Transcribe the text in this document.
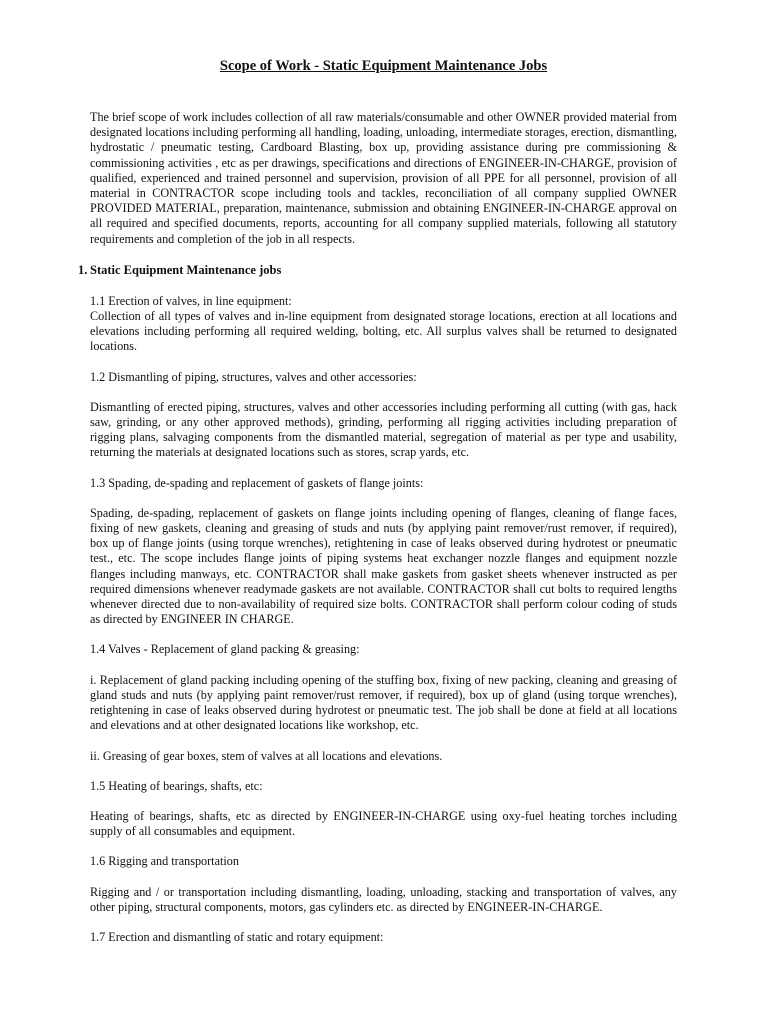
Scope of Work - Static Equipment Maintenance Jobs

The brief scope of work includes collection of all raw materials/consumable and other OWNER provided material from designated locations including performing all handling, loading, unloading, intermediate storages, erection, dismantling, hydrostatic / pneumatic testing, Cardboard Blasting, box up, providing assistance during pre commissioning & commissioning activities , etc as per drawings, specifications and directions of ENGINEER-IN-CHARGE, provision of qualified, experienced and trained personnel and supervision, provision of all PPE for all personnel, provision of all material in CONTRACTOR scope including tools and tackles, reconciliation of all company supplied OWNER PROVIDED MATERIAL, preparation, maintenance, submission and obtaining ENGINEER-IN-CHARGE approval on all required and specified documents, reports, accounting for all company supplied materials, following all statutory requirements and completion of the job in all respects.

1. Static Equipment Maintenance jobs

1.1 Erection of valves, in line equipment:

Collection of all types of valves and in-line equipment from designated storage locations, erection at all locations and elevations including performing all required welding, bolting, etc. All surplus valves shall be returned to designated locations.

1.2 Dismantling of piping, structures, valves and other accessories:

Dismantling of erected piping, structures, valves and other accessories including performing all cutting (with gas, hack saw, grinding, or any other approved methods), grinding, performing all rigging activities including preparation of rigging plans, salvaging components from the dismantled material, segregation of material as per type and usability, returning the materials at designated locations such as stores, scrap yards, etc.

1.3 Spading, de-spading and replacement of gaskets of flange joints:

Spading, de-spading, replacement of gaskets on flange joints including opening of flanges, cleaning of flange faces, fixing of new gaskets, cleaning and greasing of studs and nuts (by applying paint remover/rust remover, if required), box up of flange joints (using torque wrenches), retightening in case of leaks observed during hydrotest or pneumatic test., etc. The scope includes flange joints of piping systems heat exchanger nozzle flanges and equipment nozzle flanges including manways, etc. CONTRACTOR shall make gaskets from gasket sheets whenever instructed as per required dimensions whenever readymade gaskets are not available. CONTRACTOR shall cut bolts to required lengths whenever directed due to non-availability of required size bolts. CONTRACTOR shall perform colour coding of studs as directed by ENGINEER IN CHARGE.

1.4 Valves - Replacement of gland packing & greasing:

i. Replacement of gland packing including opening of the stuffing box, fixing of new packing, cleaning and greasing of gland studs and nuts (by applying paint remover/rust remover, if required), box up of gland (using torque wrenches), retightening in case of leaks observed during hydrotest or pneumatic test. The job shall be done at field at all locations and elevations and at other designated locations like workshop, etc.

ii. Greasing of gear boxes, stem of valves at all locations and elevations.

1.5 Heating of bearings, shafts, etc:

Heating of bearings, shafts, etc as directed by ENGINEER-IN-CHARGE using oxy-fuel heating torches including supply of all consumables and equipment.

1.6 Rigging and transportation

Rigging and / or transportation including dismantling, loading, unloading, stacking and transportation of valves, any other piping, structural components, motors, gas cylinders etc. as directed by ENGINEER-IN-CHARGE.

1.7 Erection and dismantling of static and rotary equipment:
